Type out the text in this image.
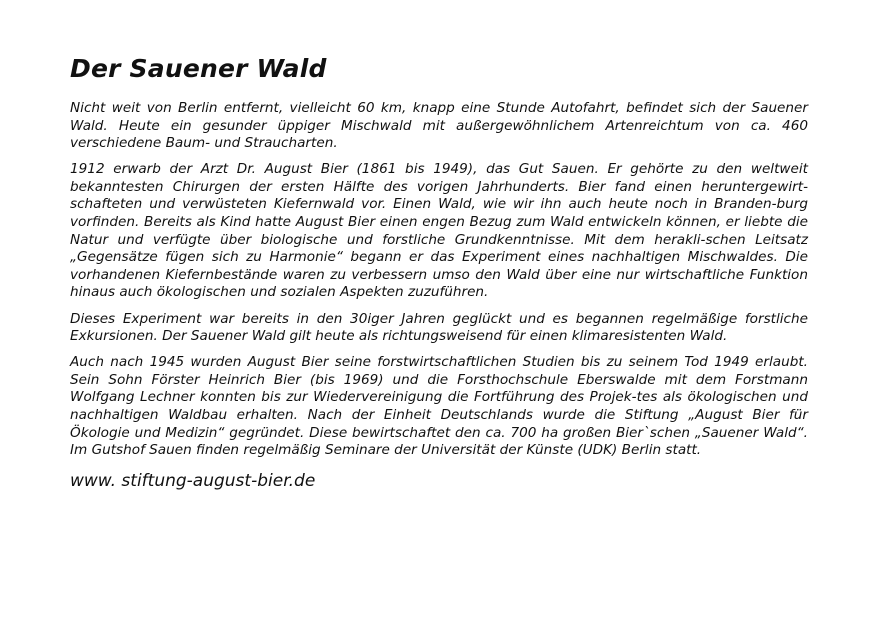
Der Sauener Wald

Nicht weit von Berlin entfernt, vielleicht 60 km, knapp eine Stunde Autofahrt, befindet sich der Sauener Wald. Heute ein gesunder üppiger Mischwald mit außergewöhnlichem Artenreichtum von ca. 460 verschiedene Baum- und Straucharten.

1912 erwarb der Arzt Dr. August Bier (1861 bis 1949), das Gut Sauen. Er gehörte zu den weltweit bekanntesten Chirurgen der ersten Hälfte des vorigen Jahrhunderts. Bier fand einen heruntergewirt-schafteten und verwüsteten Kiefernwald vor. Einen Wald, wie wir ihn auch heute noch in Branden-burg vorfinden. Bereits als Kind hatte August Bier einen engen Bezug zum Wald entwickeln können, er liebte die Natur und verfügte über biologische und forstliche Grundkenntnisse. Mit dem herakli-schen Leitsatz „Gegensätze fügen sich zu Harmonie“ begann er das Experiment eines nachhaltigen Mischwaldes. Die vorhandenen Kiefernbestände waren zu verbessern umso den Wald über eine nur wirtschaftliche Funktion hinaus auch ökologischen und sozialen Aspekten zuzuführen.

Dieses Experiment war bereits in den 30iger Jahren geglückt und es begannen regelmäßige forstliche Exkursionen. Der Sauener Wald gilt heute als richtungsweisend für einen klimaresistenten Wald.

Auch nach 1945 wurden August Bier seine forstwirtschaftlichen Studien bis zu seinem Tod 1949 erlaubt. Sein Sohn Förster Heinrich Bier (bis 1969) und die Forsthochschule Eberswalde mit dem Forstmann Wolfgang Lechner konnten bis zur Wiedervereinigung die Fortführung des Projek-tes als ökologischen und nachhaltigen Waldbau erhalten. Nach der Einheit Deutschlands wurde die Stiftung „August Bier für Ökologie und Medizin“ gegründet. Diese bewirtschaftet den ca. 700 ha großen Bier`schen „Sauener Wald“. Im Gutshof Sauen finden regelmäßig Seminare der Universität der Künste (UDK) Berlin statt.

www. stiftung-august-bier.de
